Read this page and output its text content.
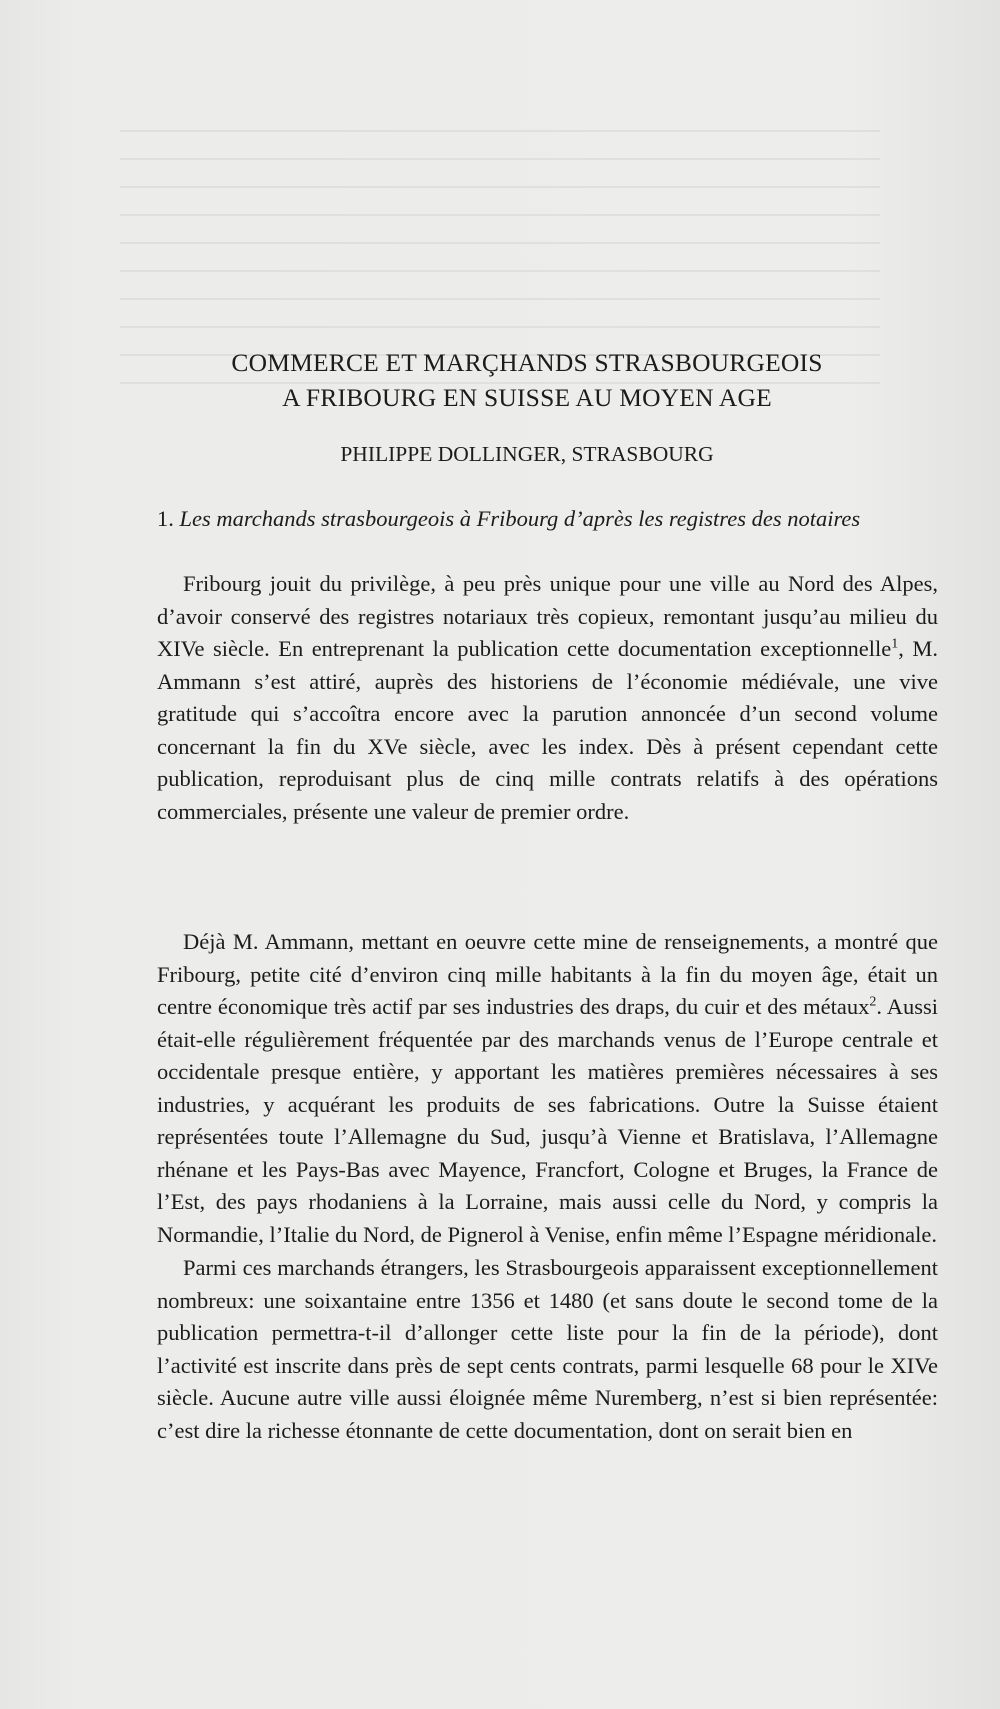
COMMERCE ET MARÇHANDS STRASBOURGEOIS
A FRIBOURG EN SUISSE AU MOYEN AGE

PHILIPPE DOLLINGER, STRASBOURG

1. Les marchands strasbourgeois à Fribourg d’après les registres des notaires

Fribourg jouit du privilège, à peu près unique pour une ville au Nord des Alpes, d’avoir conservé des registres notariaux très copieux, remontant jusqu’au milieu du XIVe siècle. En entreprenant la publication cette documentation exceptionnelle$^1$, M. Ammann s’est attiré, auprès des historiens de l’économie médiévale, une vive gratitude qui s’accoîtra encore avec la parution annoncée d’un second volume concernant la fin du XVe siècle, avec les index. Dès à présent cependant cette publication, reproduisant plus de cinq mille contrats relatifs à des opérations commerciales, présente une valeur de premier ordre.

Déjà M. Ammann, mettant en oeuvre cette mine de renseignements, a montré que Fribourg, petite cité d’environ cinq mille habitants à la fin du moyen âge, était un centre économique très actif par ses industries des draps, du cuir et des métaux$^2$. Aussi était-elle régulièrement fréquentée par des marchands venus de l’Europe centrale et occidentale presque entière, y apportant les matières premières nécessaires à ses industries, y acquérant les produits de ses fabrications. Outre la Suisse étaient représentées toute l’Allemagne du Sud, jusqu’à Vienne et Bratislava, l’Allemagne rhénane et les Pays-Bas avec Mayence, Francfort, Cologne et Bruges, la France de l’Est, des pays rhodaniens à la Lorraine, mais aussi celle du Nord, y compris la Normandie, l’Italie du Nord, de Pignerol à Venise, enfin même l’Espagne méridionale.

Parmi ces marchands étrangers, les Strasbourgeois apparaissent exceptionnellement nombreux: une soixantaine entre 1356 et 1480 (et sans doute le second tome de la publication permettra-t-il d’allonger cette liste pour la fin de la période), dont l’activité est inscrite dans près de sept cents contrats, parmi lesquelle 68 pour le XIVe siècle. Aucune autre ville aussi éloignée même Nuremberg, n’est si bien représentée: c’est dire la richesse étonnante de cette documentation, dont on serait bien en
